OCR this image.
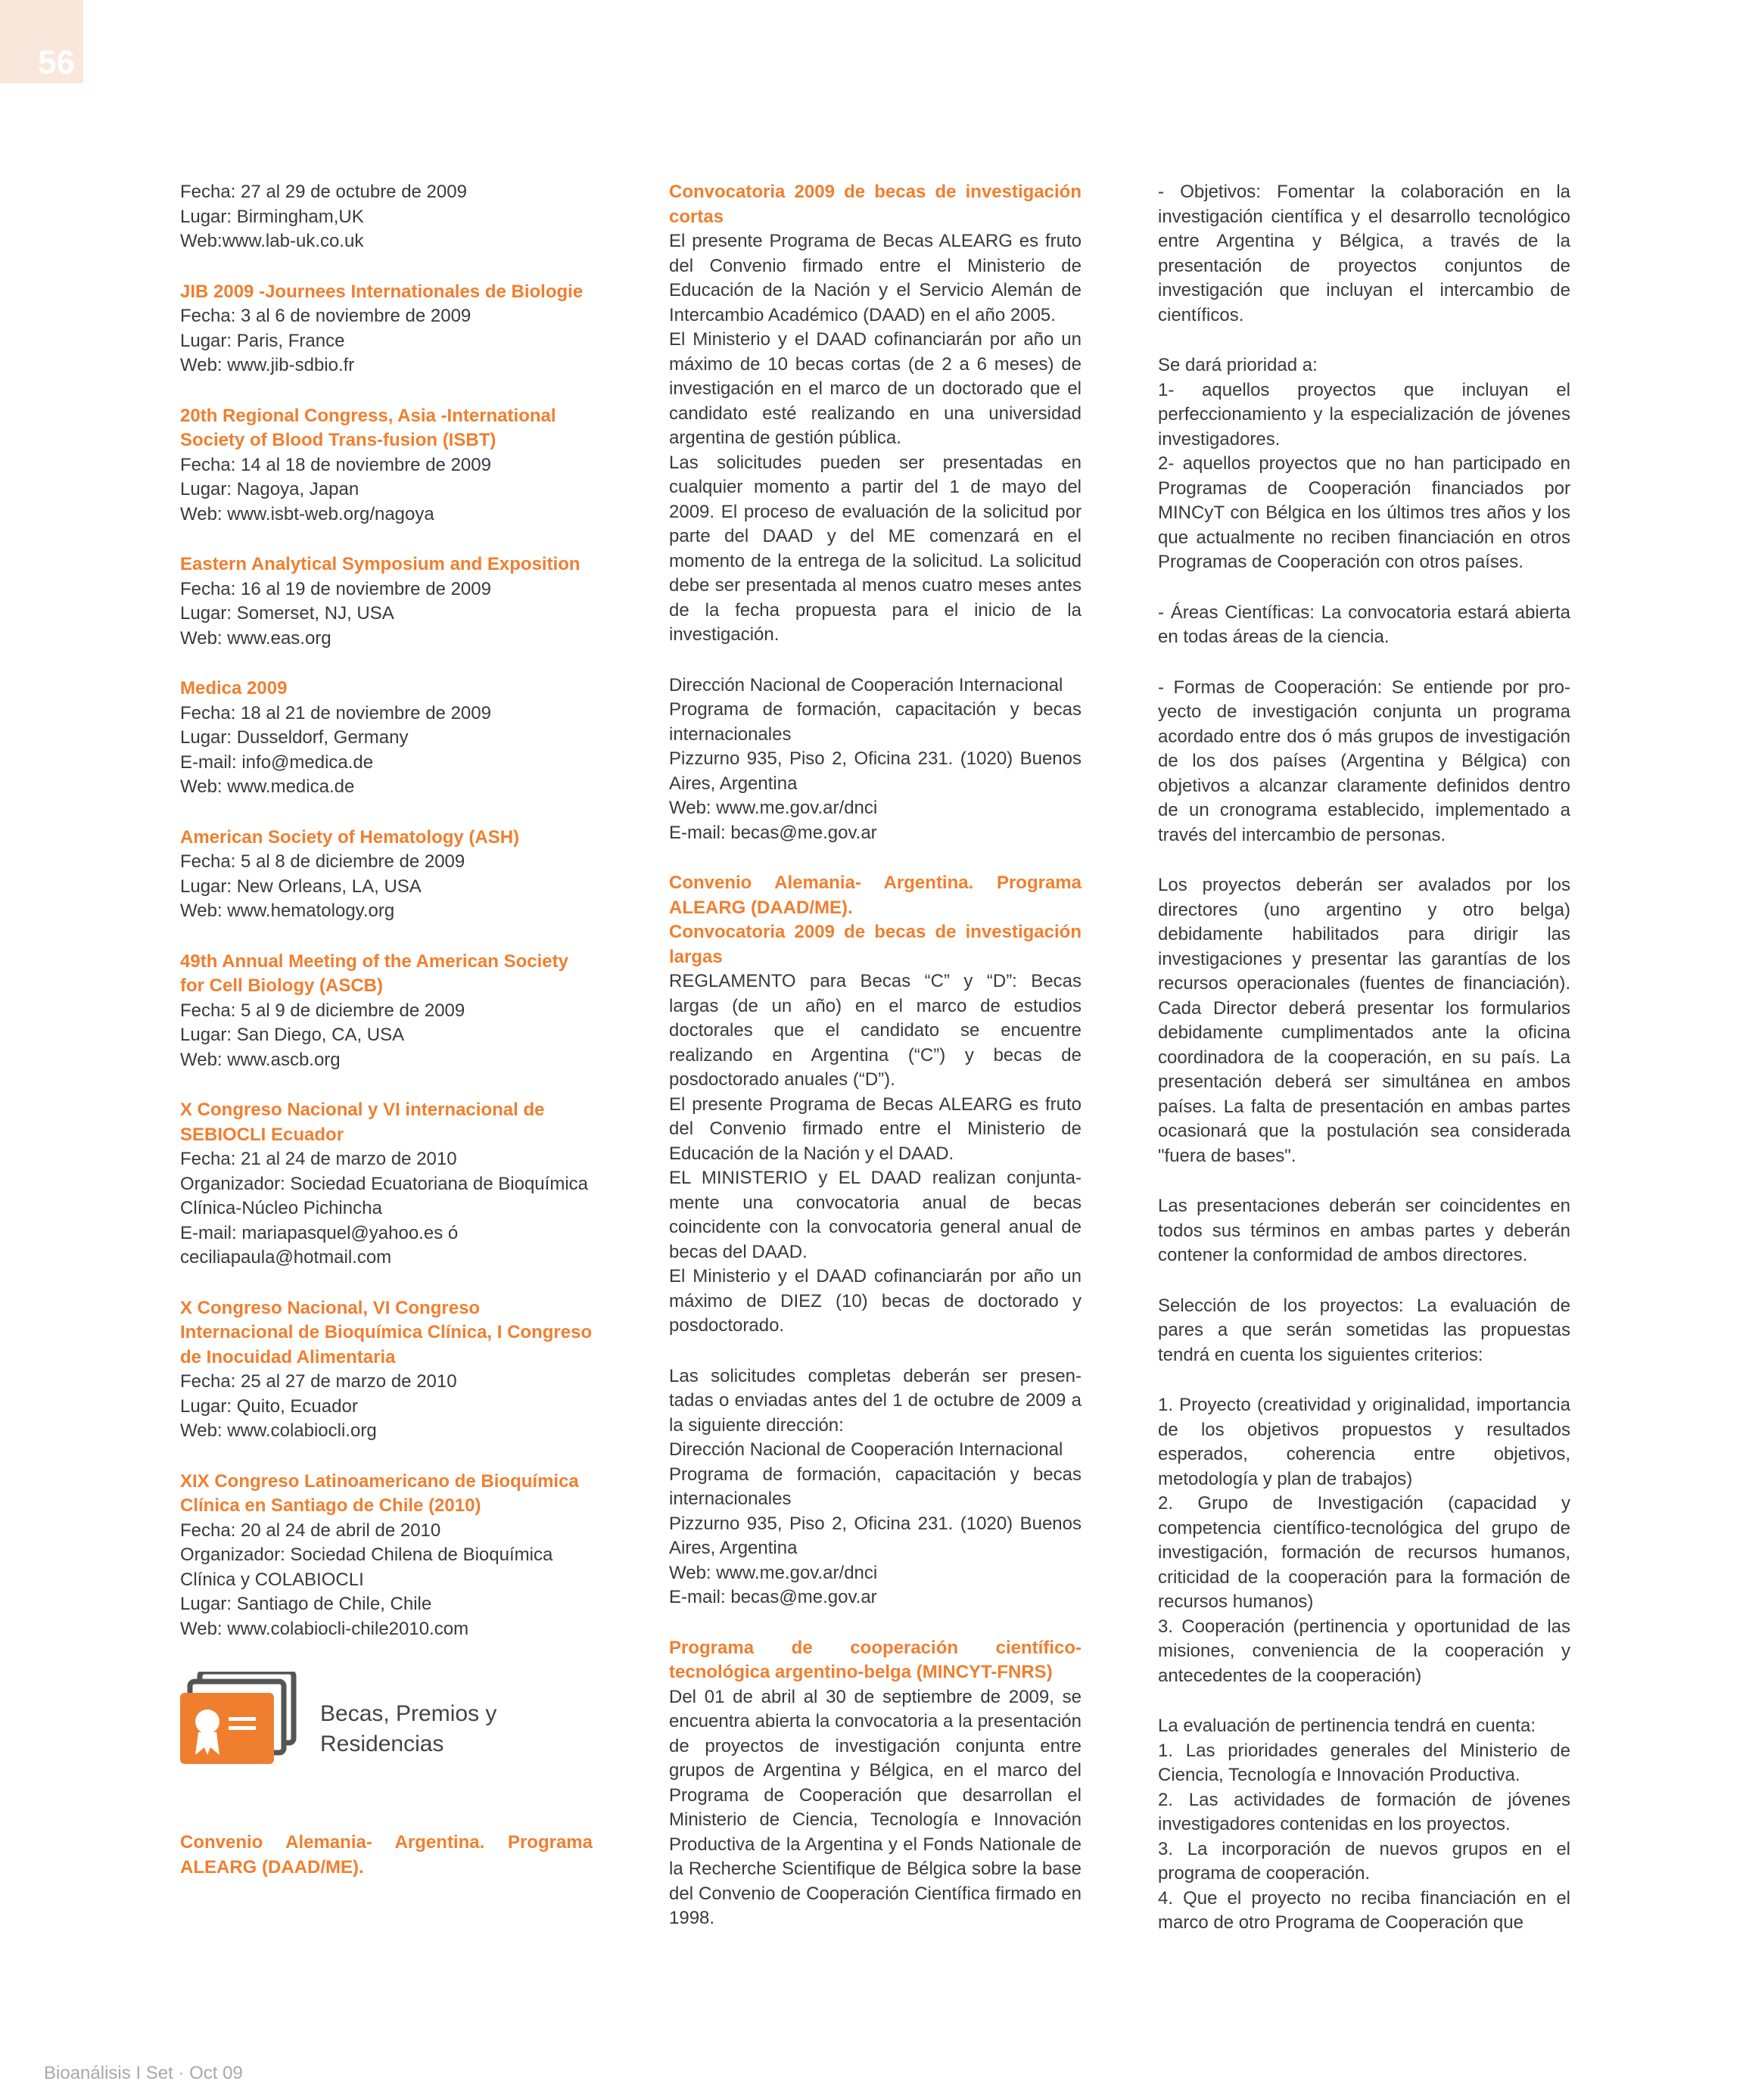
56

Fecha: 27 al 29 de octubre de 2009

Lugar: Birmingham,UK

Web:www.lab-uk.co.uk

JIB 2009 -Journees Internationales de Biologie

Fecha: 3 al 6 de noviembre de 2009

Lugar: Paris, France

Web: www.jib-sdbio.fr

20th Regional Congress, Asia -International Society of Blood Trans-fusion (ISBT)

Fecha: 14 al 18 de noviembre de 2009

Lugar: Nagoya, Japan

Web: www.isbt-web.org/nagoya

Eastern Analytical Symposium and Exposition

Fecha: 16 al 19 de noviembre de 2009

Lugar: Somerset, NJ, USA

Web: www.eas.org

Medica 2009

Fecha: 18 al 21 de noviembre de 2009

Lugar: Dusseldorf, Germany

E-mail: info@medica.de

Web: www.medica.de

American Society of Hematology (ASH)

Fecha: 5 al 8 de diciembre de 2009

Lugar: New Orleans, LA, USA

Web: www.hematology.org

49th Annual Meeting of the American Society for Cell Biology (ASCB)

Fecha: 5 al 9 de diciembre de 2009

Lugar: San Diego, CA, USA

Web: www.ascb.org

X Congreso Nacional y VI internacional de SEBIOCLI Ecuador

Fecha: 21 al 24 de marzo de 2010

Organizador: Sociedad Ecuatoriana de Bioquímica Clínica-Núcleo Pichincha

E-mail: mariapasquel@yahoo.es ó ceciliapaula@hotmail.com

X Congreso Nacional, VI Congreso Internacional de Bioquímica Clínica, I Congreso de Inocuidad Alimentaria

Fecha: 25 al 27 de marzo de 2010

Lugar: Quito, Ecuador

Web: www.colabiocli.org

XIX Congreso Latinoamericano de Bioquímica Clínica en Santiago de Chile (2010)

Fecha: 20 al 24 de abril de 2010

Organizador: Sociedad Chilena de Bioquímica Clínica y COLABIOCLI

Lugar: Santiago de Chile, Chile

Web: www.colabiocli-chile2010.com

Becas, Premios y
Residencias

Convenio Alemania- Argentina. Programa ALEARG (DAAD/ME).

Convocatoria 2009 de becas de investigación cortas

El presente Programa de Becas ALEARG es fruto del Convenio firmado entre el Ministerio de Educación de la Nación y el Servicio Alemán de Intercambio Académico (DAAD) en el año 2005.

El Ministerio y el DAAD cofinanciarán por año un máximo de 10 becas cortas (de 2 a 6 meses) de investigación en el marco de un doctorado que el candidato esté realizando en una universidad argentina de gestión pública.

Las solicitudes pueden ser presentadas en cualquier momento a partir del 1 de mayo del 2009. El proceso de evaluación de la solicitud por parte del DAAD y del ME comenzará en el momento de la entrega de la solicitud. La solicitud debe ser presentada al menos cuatro meses antes de la fecha propuesta para el inicio de la investigación.

Dirección Nacional de Cooperación Internacional

Programa de formación, capacitación y becas internacionales

Pizzurno 935, Piso 2, Oficina 231. (1020) Buenos Aires, Argentina

Web: www.me.gov.ar/dnci

E-mail: becas@me.gov.ar

Convenio Alemania- Argentina. Programa ALEARG (DAAD/ME).

Convocatoria 2009 de becas de investigación largas

REGLAMENTO para Becas “C” y “D”: Becas largas (de un año) en el marco de estudios doctorales que el candidato se encuentre realizando en Argentina (“C”) y becas de posdoctorado anuales (“D”).

El presente Programa de Becas ALEARG es fruto del Convenio firmado entre el Ministerio de Educación de la Nación y el DAAD.

EL MINISTERIO y EL DAAD realizan conjunta-mente una convocatoria anual de becas coincidente con la convocatoria general anual de becas del DAAD.

El Ministerio y el DAAD cofinanciarán por año un máximo de DIEZ (10) becas de doctorado y posdoctorado.

Las solicitudes completas deberán ser presen-tadas o enviadas antes del 1 de octubre de 2009 a la siguiente dirección:

Dirección Nacional de Cooperación Internacional

Programa de formación, capacitación y becas internacionales

Pizzurno 935, Piso 2, Oficina 231. (1020) Buenos Aires, Argentina

Web: www.me.gov.ar/dnci

E-mail: becas@me.gov.ar

Programa de cooperación científico-tecnológica argentino-belga (MINCYT-FNRS)

Del 01 de abril al 30 de septiembre de 2009, se encuentra abierta la convocatoria a la presentación de proyectos de investigación conjunta entre grupos de Argentina y Bélgica, en el marco del Programa de Cooperación que desarrollan el Ministerio de Ciencia, Tecnología e Innovación Productiva de la Argentina y el Fonds Nationale de la Recherche Scientifique de Bélgica sobre la base del Convenio de Cooperación Científica firmado en 1998.

- Objetivos: Fomentar la colaboración en la investigación científica y el desarrollo tecnológico entre Argentina y Bélgica, a través de la presentación de proyectos conjuntos de investigación que incluyan el intercambio de científicos.

Se dará prioridad a:

1- aquellos proyectos que incluyan el perfeccionamiento y la especialización de jóvenes investigadores.

2- aquellos proyectos que no han participado en Programas de Cooperación financiados por MINCyT con Bélgica en los últimos tres años y los que actualmente no reciben financiación en otros Programas de Cooperación con otros países.

- Áreas Científicas: La convocatoria estará abierta en todas áreas de la ciencia.

- Formas de Cooperación: Se entiende por pro-yecto de investigación conjunta un programa acordado entre dos ó más grupos de investigación de los dos países (Argentina y Bélgica) con objetivos a alcanzar claramente definidos dentro de un cronograma establecido, implementado a través del intercambio de personas.

Los proyectos deberán ser avalados por los directores (uno argentino y otro belga) debidamente habilitados para dirigir las investigaciones y presentar las garantías de los recursos operacionales (fuentes de financiación). Cada Director deberá presentar los formularios debidamente cumplimentados ante la oficina coordinadora de la cooperación, en su país. La presentación deberá ser simultánea en ambos países. La falta de presentación en ambas partes ocasionará que la postulación sea considerada "fuera de bases".

Las presentaciones deberán ser coincidentes en todos sus términos en ambas partes y deberán contener la conformidad de ambos directores.

Selección de los proyectos: La evaluación de pares a que serán sometidas las propuestas tendrá en cuenta los siguientes criterios:

1. Proyecto (creatividad y originalidad, importancia de los objetivos propuestos y resultados esperados, coherencia entre objetivos, metodología y plan de trabajos)

2. Grupo de Investigación (capacidad y competencia científico-tecnológica del grupo de investigación, formación de recursos humanos, criticidad de la cooperación para la formación de recursos humanos)

3. Cooperación (pertinencia y oportunidad de las misiones, conveniencia de la cooperación y antecedentes de la cooperación)

La evaluación de pertinencia tendrá en cuenta:

1. Las prioridades generales del Ministerio de Ciencia, Tecnología e Innovación Productiva.

2. Las actividades de formación de jóvenes investigadores contenidas en los proyectos.

3. La incorporación de nuevos grupos en el programa de cooperación.

4. Que el proyecto no reciba financiación en el marco de otro Programa de Cooperación que

Bioanálisis I Set · Oct 09
